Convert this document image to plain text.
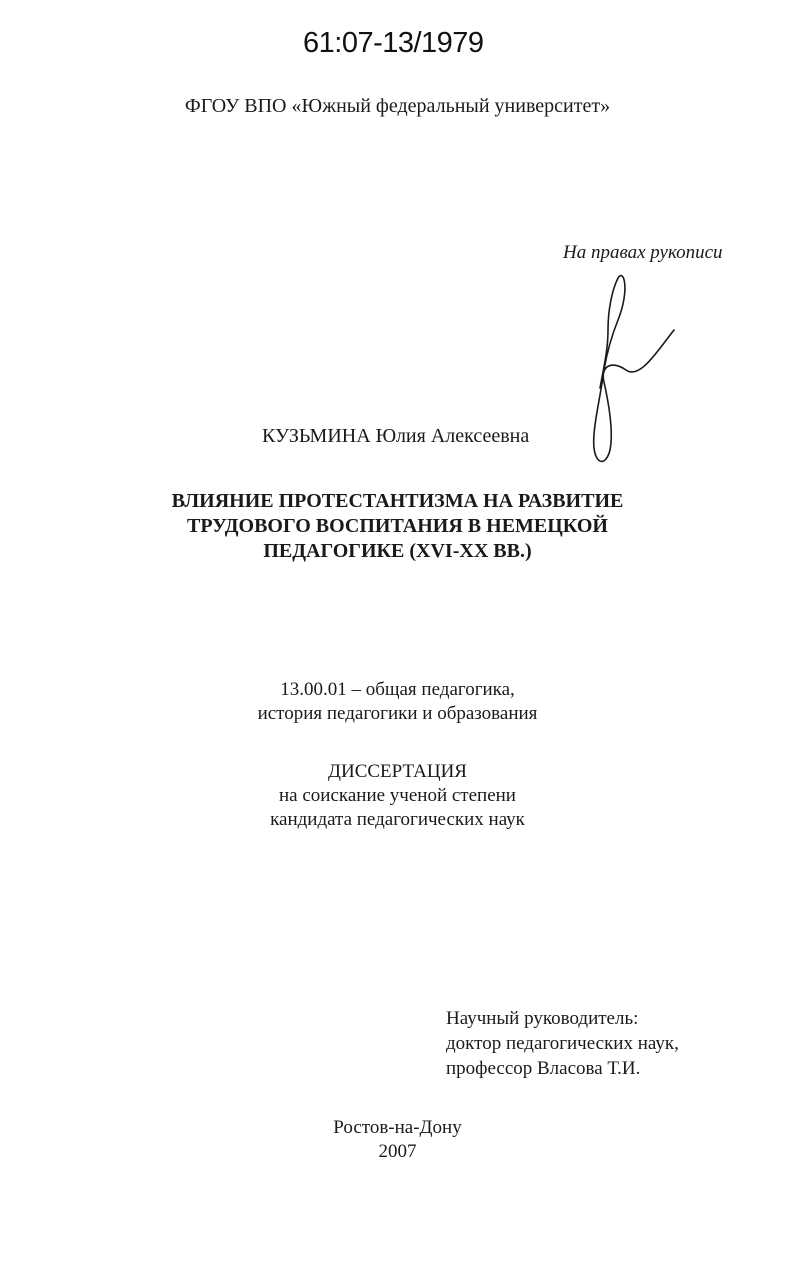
61:07-13/1979
ФГОУ ВПО «Южный федеральный университет»
На правах рукописи
КУЗЬМИНА Юлия Алексеевна
ВЛИЯНИЕ ПРОТЕСТАНТИЗМА НА РАЗВИТИЕ
ТРУДОВОГО ВОСПИТАНИЯ В НЕМЕЦКОЙ
ПЕДАГОГИКЕ (XVI-XX ВВ.)
13.00.01 – общая педагогика,
история педагогики и образования
ДИССЕРТАЦИЯ
на соискание ученой степени
кандидата педагогических наук
Научный руководитель:
доктор педагогических наук,
профессор Власова Т.И.
Ростов-на-Дону
2007
